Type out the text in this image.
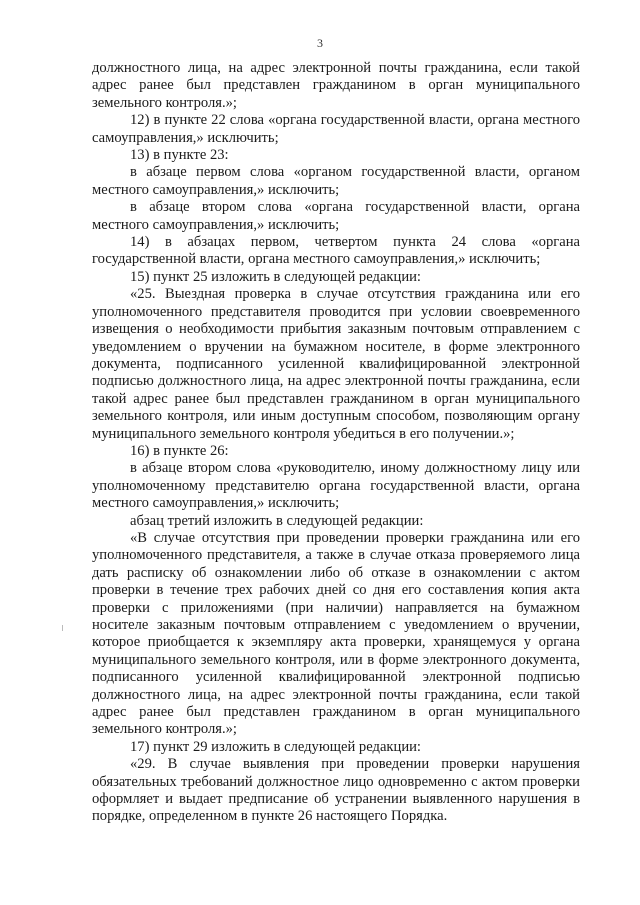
3

должностного лица, на адрес электронной почты гражданина, если такой адрес ранее был представлен гражданином в орган муниципального земельного контроля.»;

12) в пункте 22 слова «органа государственной власти, органа местного самоуправления,» исключить;

13) в пункте 23:

в абзаце первом слова «органом государственной власти, органом местного самоуправления,» исключить;

в абзаце втором слова «органа государственной власти, органа местного самоуправления,» исключить;

14) в абзацах первом, четвертом пункта 24 слова «органа государственной власти, органа местного самоуправления,» исключить;

15) пункт 25 изложить в следующей редакции:

«25. Выездная проверка в случае отсутствия гражданина или его уполномоченного представителя проводится при условии своевременного извещения о необходимости прибытия заказным почтовым отправлением с уведомлением о вручении на бумажном носителе, в форме электронного документа, подписанного усиленной квалифицированной электронной подписью должностного лица, на адрес электронной почты гражданина, если такой адрес ранее был представлен гражданином в орган муниципального земельного контроля, или иным доступным способом, позволяющим органу муниципального земельного контроля убедиться в его получении.»;

16) в пункте 26:

в абзаце втором слова «руководителю, иному должностному лицу или уполномоченному представителю органа государственной власти, органа местного самоуправления,» исключить;

абзац третий изложить в следующей редакции:

«В случае отсутствия при проведении проверки гражданина или его уполномоченного представителя, а также в случае отказа проверяемого лица дать расписку об ознакомлении либо об отказе в ознакомлении с актом проверки в течение трех рабочих дней со дня его составления копия акта проверки с приложениями (при наличии) направляется на бумажном носителе заказным почтовым отправлением с уведомлением о вручении, которое приобщается к экземпляру акта проверки, хранящемуся у органа муниципального земельного контроля, или в форме электронного документа, подписанного усиленной квалифицированной электронной подписью должностного лица, на адрес электронной почты гражданина, если такой адрес ранее был представлен гражданином в орган муниципального земельного контроля.»;

17) пункт 29 изложить в следующей редакции:

«29. В случае выявления при проведении проверки нарушения обязательных требований должностное лицо одновременно с актом проверки оформляет и выдает предписание об устранении выявленного нарушения в порядке, определенном в пункте 26 настоящего Порядка.
